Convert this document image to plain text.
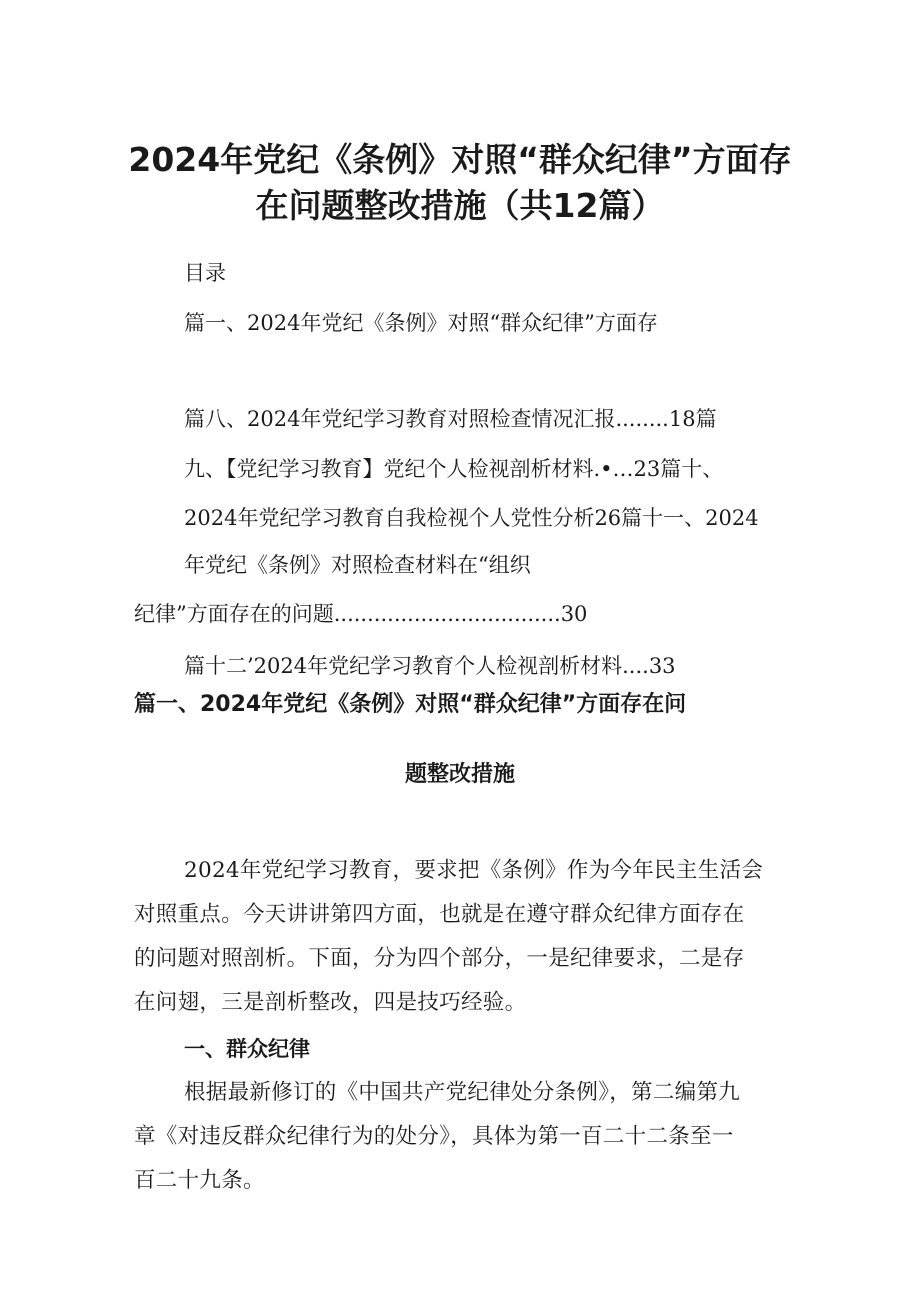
2024年党纪《条例》对照“群众纪律”方面存
在问题整改措施（共12篇）
目录
篇一、2024年党纪《条例》对照“群众纪律”方面存
篇八、2024年党纪学习教育对照检查情况汇报........18篇
九、【党纪学习教育】党纪个人检视剖析材料.•…23篇十、
2024年党纪学习教育自我检视个人党性分析26篇十一、2024
年党纪《条例》对照检查材料在“组织
纪律”方面存在的问题..................................30
篇十二’2024年党纪学习教育个人检视剖析材料....33
篇一、2024年党纪《条例》对照“群众纪律”方面存在问
题整改措施
2024年党纪学习教育，要求把《条例》作为今年民主生活会
对照重点。今天讲讲第四方面，也就是在遵守群众纪律方面存在
的问题对照剖析。下面，分为四个部分，一是纪律要求，二是存
在问翅，三是剖析整改，四是技巧经验。
一、群众纪律
根据最新修订的《中国共产党纪律处分条例》，第二编第九
章《对违反群众纪律行为的处分》，具体为第一百二十二条至一
百二十九条。
